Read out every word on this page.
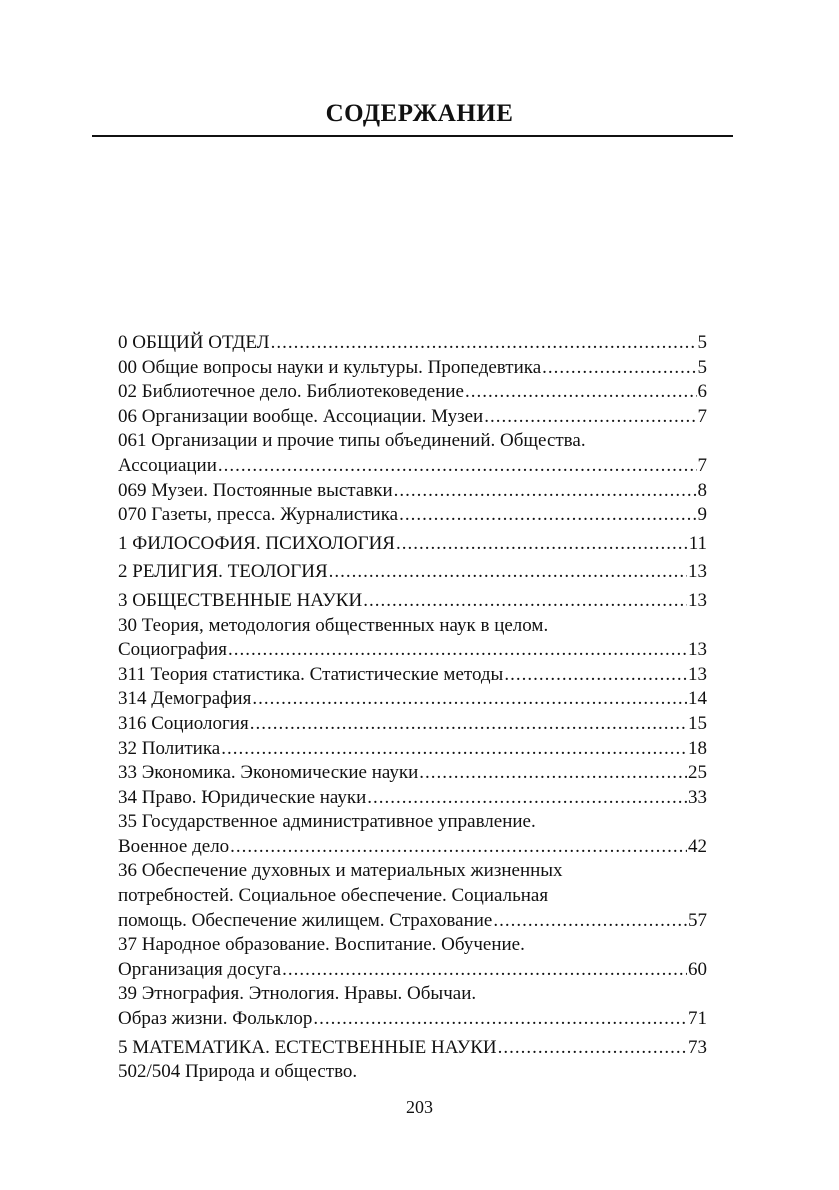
СОДЕРЖАНИЕ
0 ОБЩИЙ ОТДЕЛ .....	5
00 Общие вопросы науки и культуры. Пропедевтика .....	5
02 Библиотечное дело. Библиотековедение .....	6
06 Организации вообще. Ассоциации. Музеи .....	7
061 Организации и прочие типы объединений. Общества.
Ассоциации .....	7
069 Музеи. Постоянные выставки .....	8
070 Газеты, пресса. Журналистика .....	9
1 ФИЛОСОФИЯ. ПСИХОЛОГИЯ .....	11
2 РЕЛИГИЯ. ТЕОЛОГИЯ .....	13
3 ОБЩЕСТВЕННЫЕ НАУКИ .....	13
30 Теория, методология общественных наук в целом.
Социография .....	13
311 Теория статистика. Статистические методы .....	13
314 Демография .....	14
316 Социология .....	15
32 Политика .....	18
33 Экономика. Экономические науки .....	25
34 Право. Юридические науки .....	33
35 Государственное административное управление.
Военное дело .....	42
36 Обеспечение духовных и материальных жизненных
потребностей. Социальное обеспечение. Социальная
помощь. Обеспечение жилищем. Страхование .....	57
37 Народное образование. Воспитание. Обучение.
Организация досуга .....	60
39 Этнография. Этнология. Нравы. Обычаи.
Образ жизни. Фольклор .....	71
5 МАТЕМАТИКА. ЕСТЕСТВЕННЫЕ НАУКИ .....	73
502/504 Природа и общество.
203
